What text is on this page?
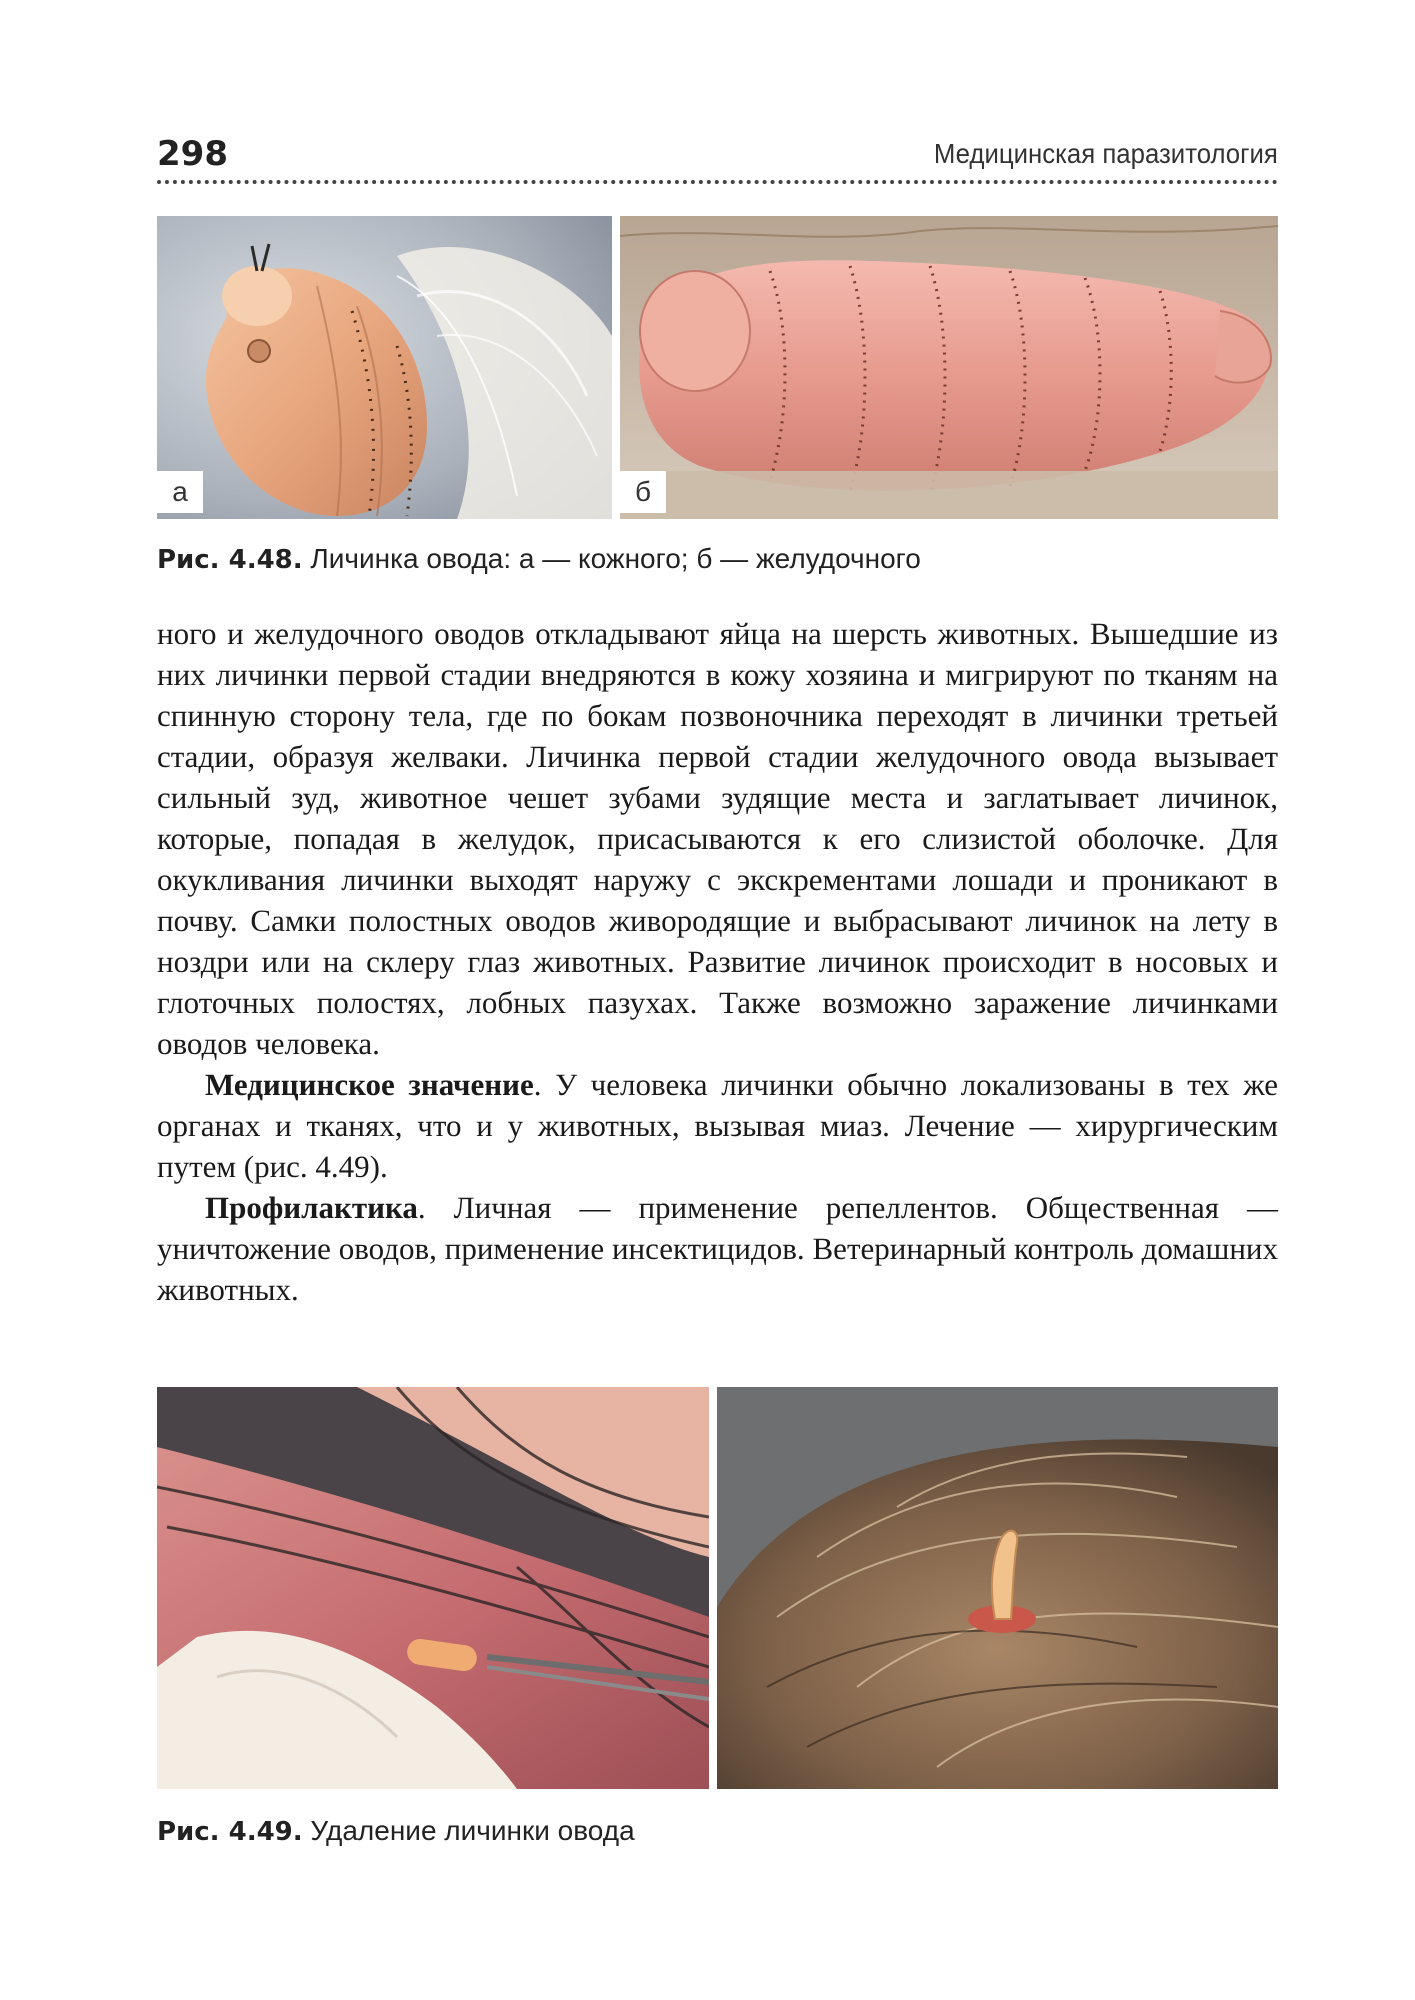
298	Медицинская паразитология
а	б
Рис. 4.48. Личинка овода: а — кожного; б — желудочного

ного и желудочного оводов откладывают яйца на шерсть животных. Вышедшие из них личинки первой стадии внедряются в кожу хозяина и мигрируют по тканям на спинную сторону тела, где по бокам позвоночника переходят в личинки третьей стадии, образуя желваки. Личинка первой стадии желудочного овода вызывает сильный зуд, животное чешет зубами зудящие места и заглатывает личинок, которые, попадая в желудок, присасываются к его слизистой оболочке. Для окукливания личинки выходят наружу с экскрементами лошади и проникают в почву. Самки полостных оводов живородящие и выбрасывают личинок на лету в ноздри или на склеру глаз животных. Развитие личинок происходит в носовых и глоточных полостях, лобных пазухах. Также возможно заражение личинками оводов человека.

Медицинское значение. У человека личинки обычно локализованы в тех же органах и тканях, что и у животных, вызывая миаз. Лечение — хирургическим путем (рис. 4.49).

Профилактика. Личная — применение репеллентов. Общественная — уничтожение оводов, применение инсектицидов. Ветеринарный контроль домашних животных.

Рис. 4.49. Удаление личинки овода
